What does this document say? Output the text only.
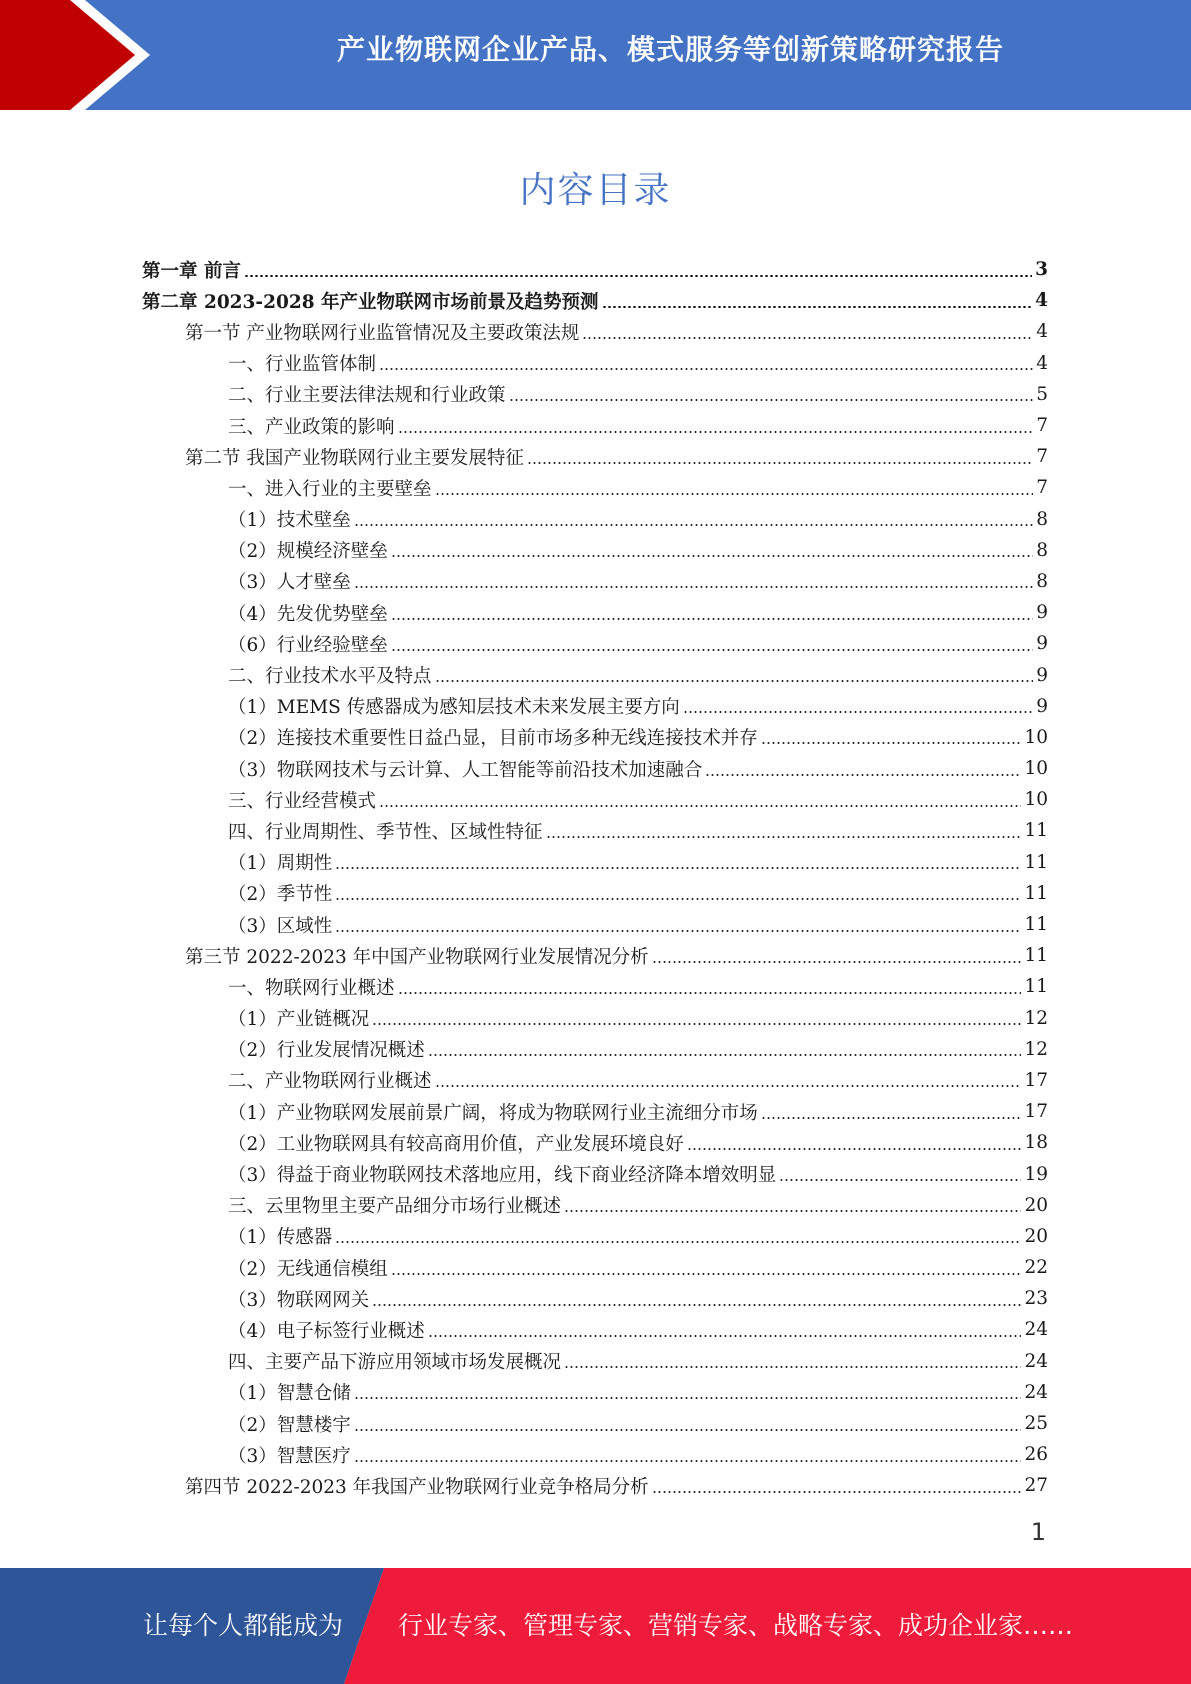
产业物联网企业产品、模式服务等创新策略研究报告
内容目录
第一章 前言	3
第二章 2023-2028 年产业物联网市场前景及趋势预测	4
第一节 产业物联网行业监管情况及主要政策法规	4
一、行业监管体制	4
二、行业主要法律法规和行业政策	5
三、产业政策的影响	7
第二节 我国产业物联网行业主要发展特征	7
一、进入行业的主要壁垒	7
（1）技术壁垒	8
（2）规模经济壁垒	8
（3）人才壁垒	8
（4）先发优势壁垒	9
（6）行业经验壁垒	9
二、行业技术水平及特点	9
（1）MEMS 传感器成为感知层技术未来发展主要方向	9
（2）连接技术重要性日益凸显，目前市场多种无线连接技术并存	10
（3）物联网技术与云计算、人工智能等前沿技术加速融合	10
三、行业经营模式	10
四、行业周期性、季节性、区域性特征	11
（1）周期性	11
（2）季节性	11
（3）区域性	11
第三节 2022-2023 年中国产业物联网行业发展情况分析	11
一、物联网行业概述	11
（1）产业链概况	12
（2）行业发展情况概述	12
二、产业物联网行业概述	17
（1）产业物联网发展前景广阔，将成为物联网行业主流细分市场	17
（2）工业物联网具有较高商用价值，产业发展环境良好	18
（3）得益于商业物联网技术落地应用，线下商业经济降本增效明显	19
三、云里物里主要产品细分市场行业概述	20
（1）传感器	20
（2）无线通信模组	22
（3）物联网网关	23
（4）电子标签行业概述	24
四、主要产品下游应用领域市场发展概况	24
（1）智慧仓储	24
（2）智慧楼宇	25
（3）智慧医疗	26
第四节 2022-2023 年我国产业物联网行业竞争格局分析	27
1
让每个人都能成为 行业专家、管理专家、营销专家、战略专家、成功企业家……
